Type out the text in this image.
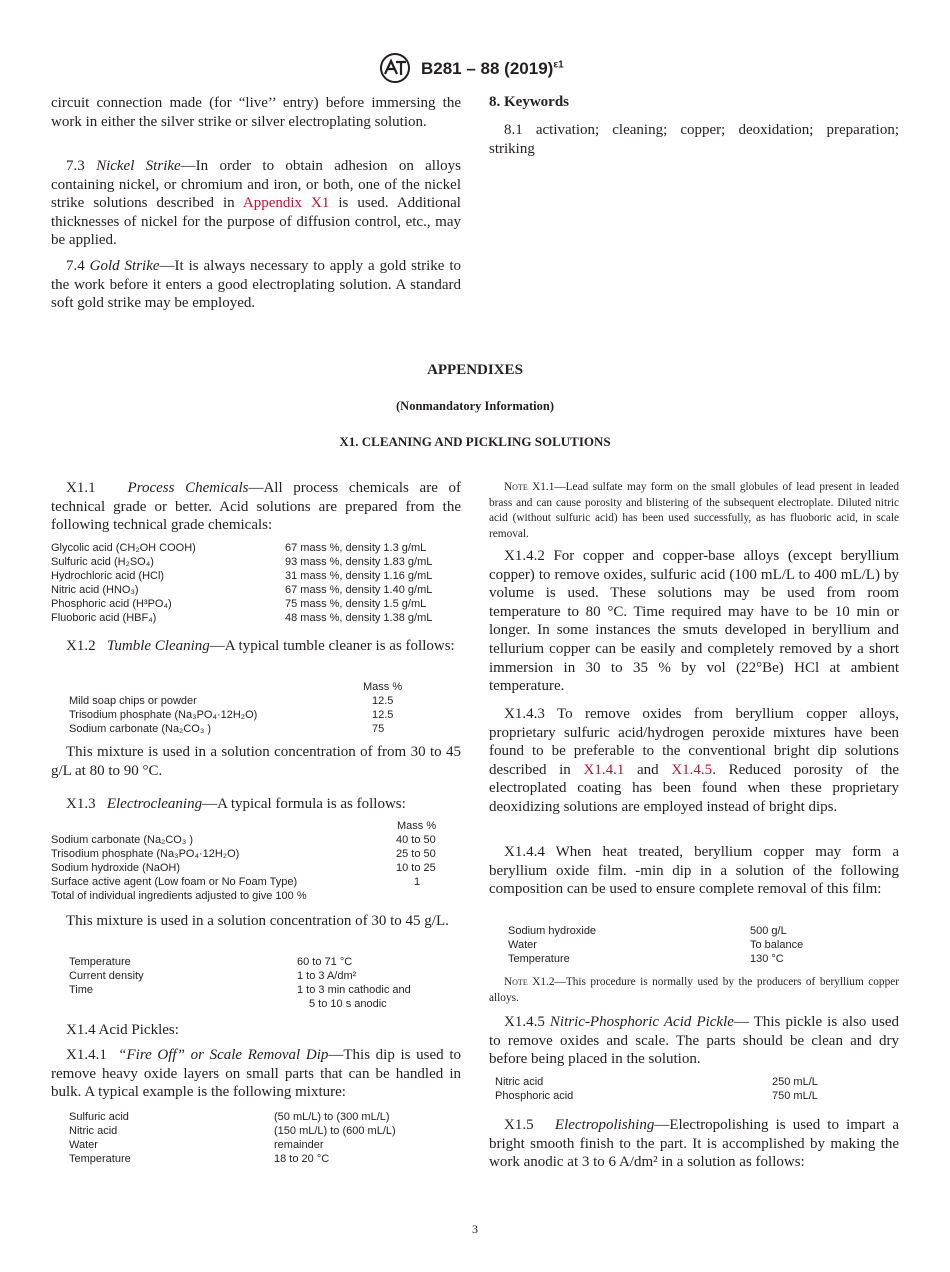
B281 – 88 $(2019)^{\varepsilon 1}$
circuit connection made (for “live’’ entry) before immersing the work in either the silver strike or silver electroplating solution.
7.3 Nickel Strike—In order to obtain adhesion on alloys containing nickel, or chromium and iron, or both, one of the nickel strike solutions described in Appendix X1 is used. Additional thicknesses of nickel for the purpose of diffusion control, etc., may be applied.
7.4 Gold Strike—It is always necessary to apply a gold strike to the work before it enters a good electroplating solution. A standard soft gold strike may be employed.
8. Keywords
8.1 activation; cleaning; copper; deoxidation; preparation; striking
APPENDIXES
(Nonmandatory Information)
X1. CLEANING AND PICKLING SOLUTIONS
X1.1 Process Chemicals—All process chemicals are of technical grade or better. Acid solutions are prepared from the following technical grade chemicals:
Glycolic acid (CH₂OH COOH)	67 mass %, density 1.3 g/mL
Sulfuric acid (H₂SO₄)	93 mass %, density 1.83 g/mL
Hydrochloric acid (HCl)	31 mass %, density 1.16 g/mL
Nitric acid (HNO₃)	67 mass %, density 1.40 g/mL
Phosphoric acid (H³PO₄)	75 mass %, density 1.5 g/mL
Fluoboric acid (HBF₄)	48 mass %, density 1.38 g/mL
X1.2 Tumble Cleaning—A typical tumble cleaner is as follows:
Mass %
Mild soap chips or powder	12.5
Trisodium phosphate (Na₃PO₄·12H₂O)	12.5
Sodium carbonate (Na₂CO₃ )	75
This mixture is used in a solution concentration of from 30 to 45 g/L at 80 to 90 °C.
X1.3 Electrocleaning—A typical formula is as follows:
Mass %
Sodium carbonate (Na₂CO₃ )	40 to 50
Trisodium phosphate (Na₃PO₄·12H₂O)	25 to 50
Sodium hydroxide (NaOH)	10 to 25
Surface active agent (Low foam or No Foam Type)	1
Total of individual ingredients adjusted to give 100 %
This mixture is used in a solution concentration of 30 to 45 g/L.
Temperature	60 to 71 °C
Current density	1 to 3 A/dm²
Time	1 to 3 min cathodic and
5 to 10 s anodic
X1.4 Acid Pickles:
X1.4.1 “Fire Off” or Scale Removal Dip—This dip is used to remove heavy oxide layers on small parts that can be handled in bulk. A typical example is the following mixture:
Sulfuric acid	(50 mL/L) to (300 mL/L)
Nitric acid	(150 mL/L) to (600 mL/L)
Water	remainder
Temperature	18 to 20 °C
Note X1.1—Lead sulfate may form on the small globules of lead present in leaded brass and can cause porosity and blistering of the subsequent electroplate. Diluted nitric acid (without sulfuric acid) has been used successfully, as has fluoboric acid, in scale removal.
X1.4.2 For copper and copper-base alloys (except beryllium copper) to remove oxides, sulfuric acid (100 mL/L to 400 mL/L) by volume is used. These solutions may be used from room temperature to 80 °C. Time required may have to be 10 min or longer. In some instances the smuts developed in beryllium and tellurium copper can be easily and completely removed by a short immersion in 30 to 35 % by vol (22°Be) HCl at ambient temperature.
X1.4.3 To remove oxides from beryllium copper alloys, proprietary sulfuric acid/hydrogen peroxide mixtures have been found to be preferable to the conventional bright dip solutions described in X1.4.1 and X1.4.5. Reduced porosity of the electroplated coating has been found when these proprietary deoxidizing solutions are employed instead of bright dips.
X1.4.4 When heat treated, beryllium copper may form a beryllium oxide film. -min dip in a solution of the following composition can be used to ensure complete removal of this film:
Sodium hydroxide	500 g/L
Water	To balance
Temperature	130 °C
Note X1.2—This procedure is normally used by the producers of beryllium copper alloys.
X1.4.5 Nitric-Phosphoric Acid Pickle— This pickle is also used to remove oxides and scale. The parts should be clean and dry before being placed in the solution.
Nitric acid	250 mL/L
Phosphoric acid	750 mL/L
X1.5 Electropolishing—Electropolishing is used to impart a bright smooth finish to the part. It is accomplished by making the work anodic at 3 to 6 A/dm² in a solution as follows:
3
